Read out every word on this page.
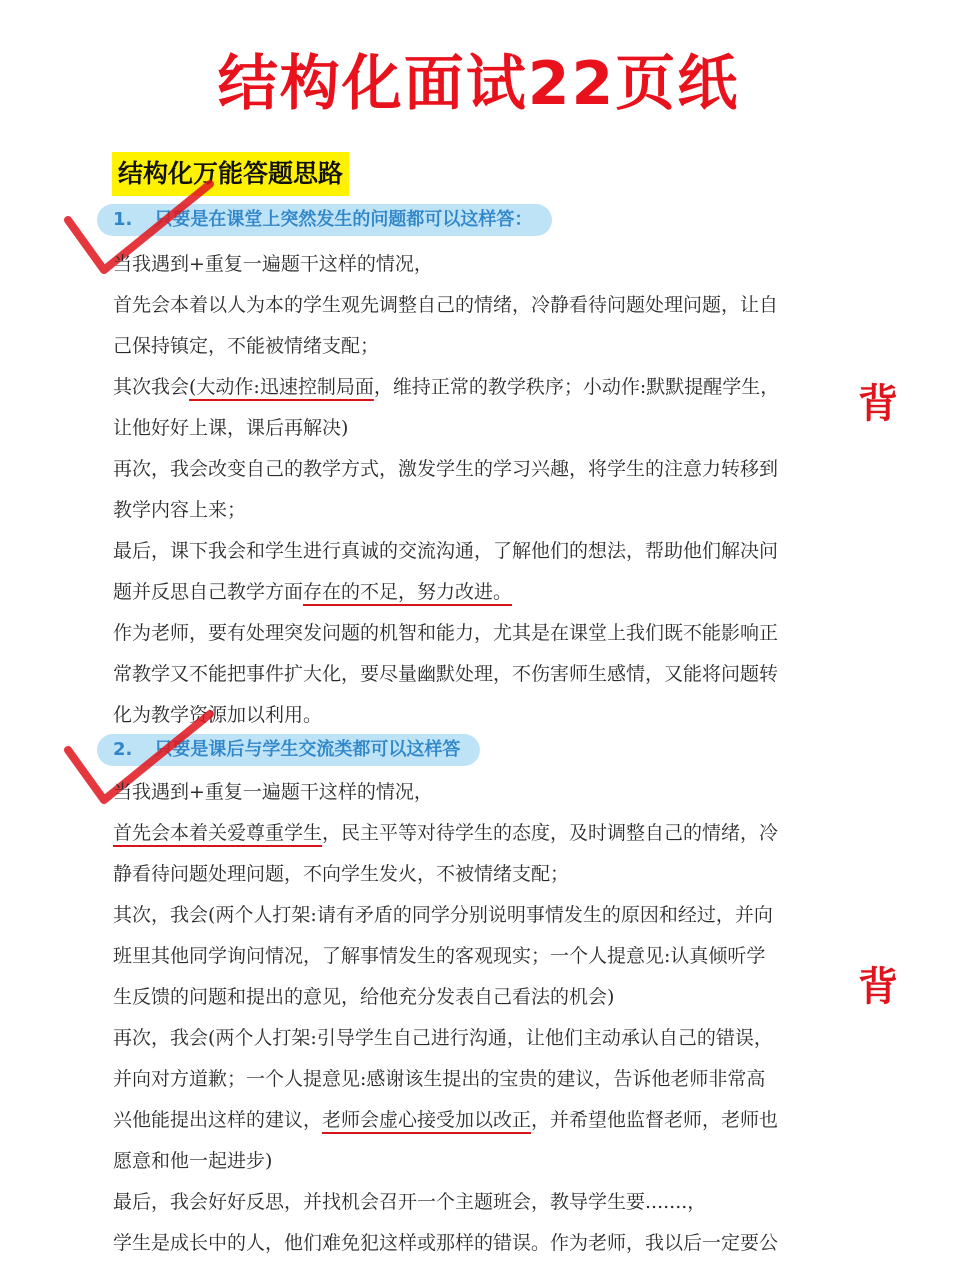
结构化面试22页纸
结构化万能答题思路
1. 只要是在课堂上突然发生的问题都可以这样答：
当我遇到+重复一遍题干这样的情况，
首先会本着以人为本的学生观先调整自己的情绪，冷静看待问题处理问题，让自
己保持镇定，不能被情绪支配；
其次我会(大动作:迅速控制局面，维持正常的教学秩序；小动作:默默提醒学生，
让他好好上课，课后再解决)
再次，我会改变自己的教学方式，激发学生的学习兴趣，将学生的注意力转移到
教学内容上来；
最后，课下我会和学生进行真诚的交流沟通，了解他们的想法，帮助他们解决问
题并反思自己教学方面存在的不足，努力改进。
作为老师，要有处理突发问题的机智和能力，尤其是在课堂上我们既不能影响正
常教学又不能把事件扩大化，要尽量幽默处理，不伤害师生感情，又能将问题转
化为教学资源加以利用。
背
2. 只要是课后与学生交流类都可以这样答
当我遇到+重复一遍题干这样的情况，
首先会本着关爱尊重学生，民主平等对待学生的态度，及时调整自己的情绪，冷
静看待问题处理问题，不向学生发火，不被情绪支配；
其次，我会(两个人打架:请有矛盾的同学分别说明事情发生的原因和经过，并向
班里其他同学询问情况，了解事情发生的客观现实；一个人提意见:认真倾听学
生反馈的问题和提出的意见，给他充分发表自己看法的机会)
再次，我会(两个人打架:引导学生自己进行沟通，让他们主动承认自己的错误，
并向对方道歉；一个人提意见:感谢该生提出的宝贵的建议，告诉他老师非常高
兴他能提出这样的建议，老师会虚心接受加以改正，并希望他监督老师，老师也
愿意和他一起进步)
最后，我会好好反思，并找机会召开一个主题班会，教导学生要.......，
学生是成长中的人，他们难免犯这样或那样的错误。作为老师，我以后一定要公
背
